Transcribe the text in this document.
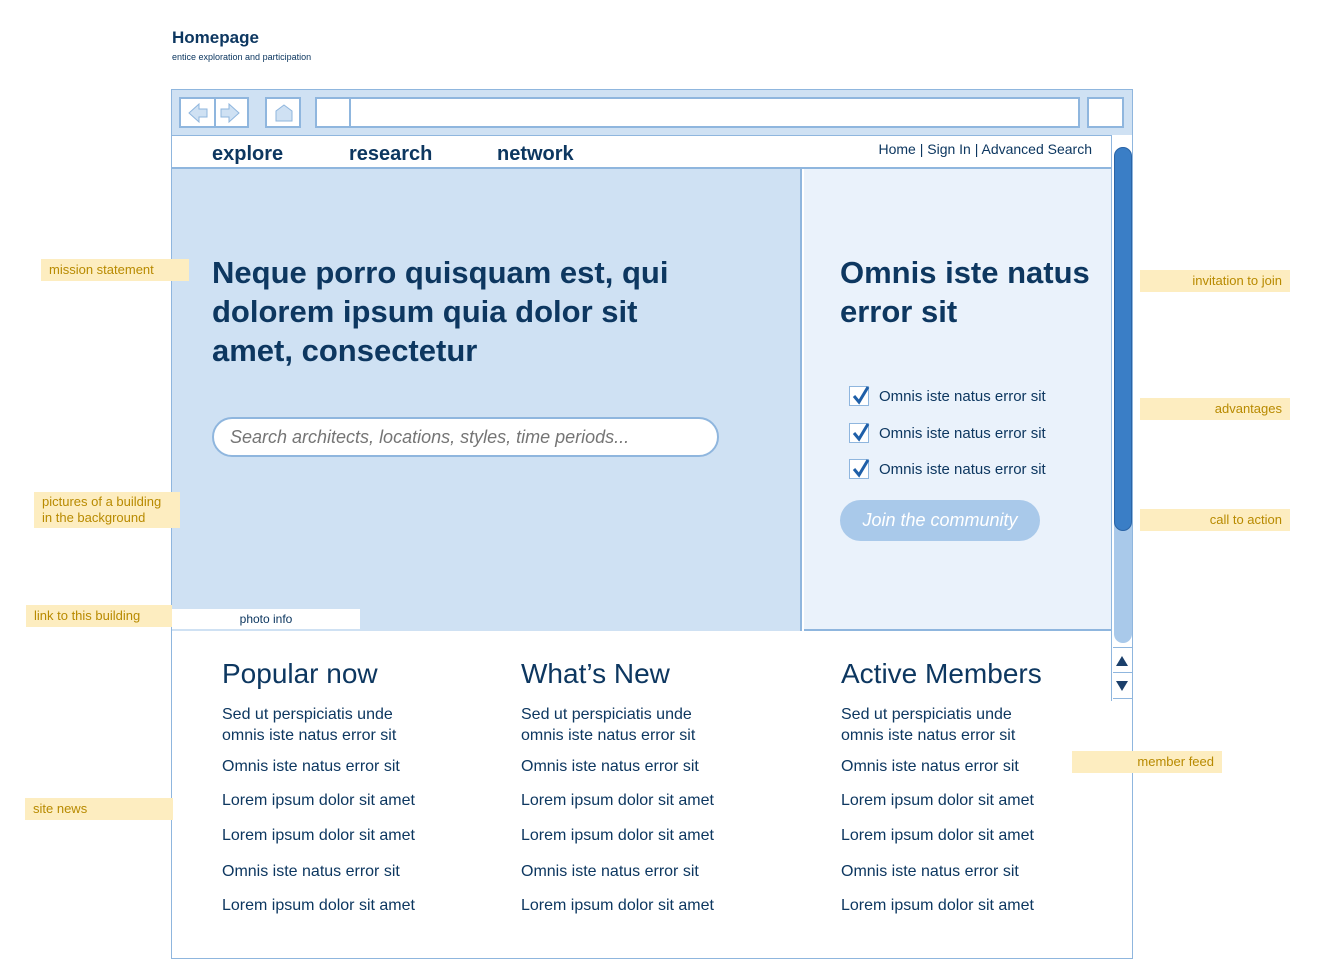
Homepage
entice exploration and participation
explore	research	network	Home | Sign In | Advanced Search
Neque porro quisquam est, qui dolorem ipsum quia dolor sit amet, consectetur
Search architects, locations, styles, time periods...
photo info
Omnis iste natus error sit
Omnis iste natus error sit
Omnis iste natus error sit
Omnis iste natus error sit
Join the community
Popular now
Sed ut perspiciatis unde omnis iste natus error sit
Omnis iste natus error sit
Lorem ipsum dolor sit amet
Lorem ipsum dolor sit amet
Omnis iste natus error sit
Lorem ipsum dolor sit amet
What’s New
Sed ut perspiciatis unde omnis iste natus error sit
Omnis iste natus error sit
Lorem ipsum dolor sit amet
Lorem ipsum dolor sit amet
Omnis iste natus error sit
Lorem ipsum dolor sit amet
Active Members
Sed ut perspiciatis unde omnis iste natus error sit
Omnis iste natus error sit
Lorem ipsum dolor sit amet
Lorem ipsum dolor sit amet
Omnis iste natus error sit
Lorem ipsum dolor sit amet
mission statement
pictures of a building in the background
link to this building
site news
invitation to join
advantages
call to action
member feed
